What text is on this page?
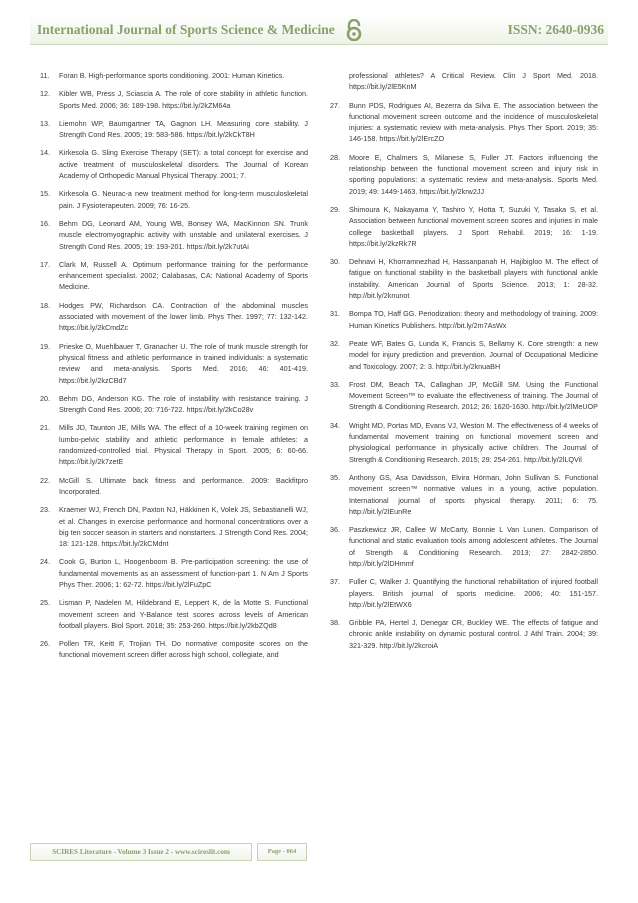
International Journal of Sports Science & Medicine	ISSN: 2640-0936
11. Foran B. High-performance sports conditioning. 2001: Human Kinetics.
12. Kibler WB, Press J, Sciascia A. The role of core stability in athletic function. Sports Med. 2006; 36: 189-198. https://bit.ly/2kZM64a
13. Liemohn WP, Baumgartner TA, Gagnon LH. Measuring core stability. J Strength Cond Res. 2005; 19: 583-586. https://bit.ly/2kCkT8H
14. Kirkesola G. Sling Exercise Therapy (SET): a total concept for exercise and active treatment of musculoskeletal disorders. The Journal of Korean Academy of Orthopedic Manual Physical Therapy. 2001; 7.
15. Kirkesola G. Neurac-a new treatment method for long-term musculoskeletal pain. J Fysioterapeuten. 2009; 76: 16-25.
16. Behm DG, Leonard AM, Young WB, Bonsey WA, MacKinnon SN. Trunk muscle electromyographic activity with unstable and unilateral exercises. J Strength Cond Res. 2005; 19: 193-201. https://bit.ly/2k7utAi
17. Clark M, Russell A. Optimum performance training for the performance enhancement specialist. 2002; Calabasas, CA: National Academy of Sports Medicine.
18. Hodges PW, Richardson CA. Contraction of the abdominal muscles associated with movement of the lower limb. Phys Ther. 1997; 77: 132-142. https://bit.ly/2kCmdZc
19. Prieske O, Muehlbauer T, Granacher U. The role of trunk muscle strength for physical fitness and athletic performance in trained individuals: a systematic review and meta-analysis. Sports Med. 2016; 46: 401-419. https://bit.ly/2kzCBd7
20. Behm DG, Anderson KG. The role of instability with resistance training. J Strength Cond Res. 2006; 20: 716-722. https://bit.ly/2kCo28v
21. Mills JD, Taunton JE, Mills WA. The effect of a 10-week training regimen on lumbo-pelvic stability and athletic performance in female athletes: a randomized-controlled trial. Physical Therapy in Sport. 2005; 6: 60-66. https://bit.ly/2k7zetE
22. McGill S. Ultimate back fitness and performance. 2009: Backfitpro Incorporated.
23. Kraemer WJ, French DN, Paxton NJ, Häkkinen K, Volek JS, Sebastianelli WJ, et al. Changes in exercise performance and hormonal concentrations over a big ten soccer season in starters and nonstarters. J Strength Cond Res. 2004; 18: 121-128. https://bit.ly/2kCMdnt
24. Cook G, Burton L, Hoogenboom B. Pre-participation screening: the use of fundamental movements as an assessment of function-part 1. N Am J Sports Phys Ther. 2006; 1: 62-72. https://bit.ly/2lFuZpC
25. Lisman P, Nadelen M, Hildebrand E, Leppert K, de la Motte S. Functional movement screen and Y-Balance test scores across levels of American football players. Biol Sport. 2018; 35: 253-260. https://bit.ly/2kbZQd8
26. Pollen TR, Keitt F, Trojian TH. Do normative composite scores on the functional movement screen differ across high school, collegiate, and
professional athletes? A Critical Review. Clin J Sport Med. 2018. https://bit.ly/2lE5KnM
27. Bunn PDS, Rodrigues AI, Bezerra da Silva E. The association between the functional movement screen outcome and the incidence of musculoskeletal injuries: a systematic review with meta-analysis. Phys Ther Sport. 2019; 35: 146-158. https://bit.ly/2lErcZO
28. Moore E, Chalmers S, Milanese S, Fuller JT. Factors influencing the relationship between the functional movement screen and injury risk in sporting populations: a systematic review and meta-analysis. Sports Med. 2019; 49: 1449-1463. https://bit.ly/2krw2JJ
29. Shimoura K, Nakayama Y, Tashiro Y, Hotta T, Suzuki Y, Tasaka S, et al. Association between functional movement screen scores and injuries in male college basketball players. J Sport Rehabil. 2019; 16: 1-19. https://bit.ly/2kzRk7R
30. Dehnavi H, Khorramnezhad H, Hassanpanah H, Hajibigloo M. The effect of fatigue on functional stability in the basketball players with functional ankle instability. American Journal of Sports Science. 2013; 1: 28-32. http://bit.ly/2knunot
31. Bompa TO, Haff GG. Periodization: theory and methodology of training. 2009: Human Kinetics Publishers. http://bit.ly/2m7AsWx
32. Peate WF, Bates G, Lunda K, Francis S, Bellamy K. Core strength: a new model for injury prediction and prevention. Journal of Occupational Medicine and Toxicology. 2007; 2: 3. http://bit.ly/2knuaBH
33. Frost DM, Beach TA, Callaghan JP, McGill SM. Using the Functional Movement Screen™ to evaluate the effectiveness of training. The Journal of Strength & Conditioning Research. 2012; 26: 1620-1630. http://bit.ly/2lMeUOP
34. Wright MD, Portas MD, Evans VJ, Weston M. The effectiveness of 4 weeks of fundamental movement training on functional movement screen and physiological performance in physically active children. The Journal of Strength & Conditioning Research. 2015; 29: 254-261. http://bit.ly/2lLQVil
35. Anthony GS, Asa Davidsson, Elvira Hörman, John Sullivan S. Functional movement screen™ normative values in a young, active population. International journal of sports physical therapy. 2011; 6: 75. http://bit.ly/2lEunRe
36. Paszkewicz JR, Callee W McCarty, Bonnie L Van Lunen. Comparison of functional and static evaluation tools among adolescent athletes. The Journal of Strength & Conditioning Research. 2013; 27: 2842-2850. http://bit.ly/2lDHmmf
37. Fuller C, Walker J. Quantifying the functional rehabilitation of injured football players. British journal of sports medicine. 2006; 40: 151-157. http://bit.ly/2lEtWX6
38. Gribble PA, Hertel J, Denegar CR, Buckley WE. The effects of fatigue and chronic ankle instability on dynamic postural control. J Athl Train. 2004; 39: 321-329. http://bit.ly/2kcroiA
SCIRES Literature - Volume 3 Issue 2 - www.scireslit.com	Page - 064
